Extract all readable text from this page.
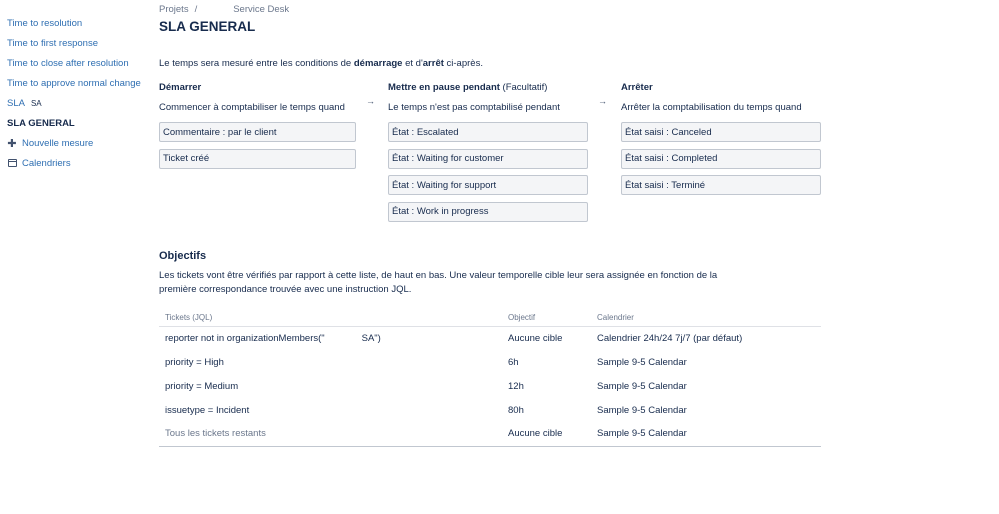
Time to resolution
Time to first response
Time to close after resolution
Time to approve normal change
SLA SA
SLA GENERAL
✚ Nouvelle mesure
Calendriers
Projets /	Service Desk
SLA GENERAL

Le temps sera mesuré entre les conditions de démarrage et d'arrêt ci-après.

Démarrer
Commencer à comptabiliser le temps quand
Commentaire : par le client
Ticket créé
→
Mettre en pause pendant (Facultatif)
Le temps n'est pas comptabilisé pendant
État : Escalated
État : Waiting for customer
État : Waiting for support
État : Work in progress
→
Arrêter
Arrêter la comptabilisation du temps quand
État saisi : Canceled
État saisi : Completed
État saisi : Terminé
Objectifs

Les tickets vont être vérifiés par rapport à cette liste, de haut en bas. Une valeur temporelle cible leur sera assignée en fonction de la première correspondance trouvée avec une instruction JQL.

Tickets (JQL)	Objectif	Calendrier
reporter not in organizationMembers("              SA")	Aucune cible	Calendrier 24h/24 7j/7 (par défaut)
priority = High	6h	Sample 9-5 Calendar
priority = Medium	12h	Sample 9-5 Calendar
issuetype = Incident	80h	Sample 9-5 Calendar
Tous les tickets restants	Aucune cible	Sample 9-5 Calendar
